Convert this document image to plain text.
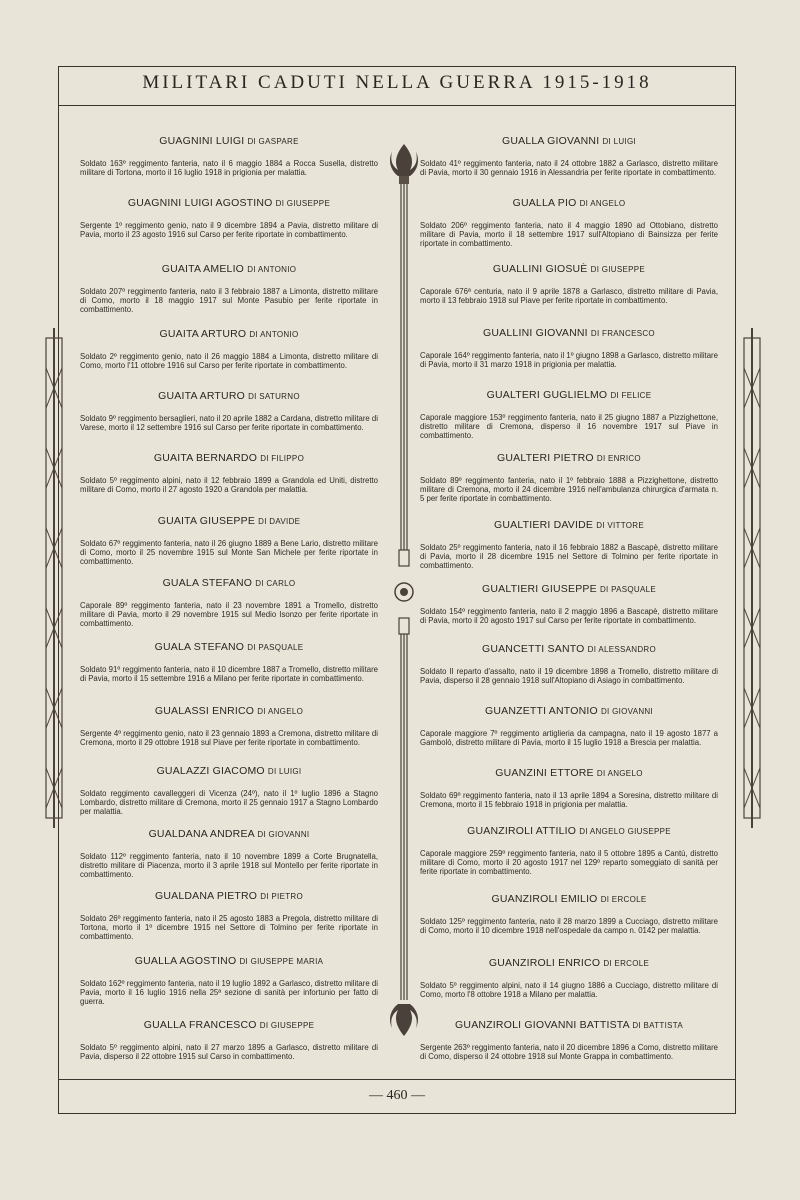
MILITARI CADUTI NELLA GUERRA 1915-1918
GUAGNINI LUIGI DI GASPARE
Soldato 163º reggimento fanteria, nato il 6 maggio 1884 a Rocca Susella, distretto militare di Tortona, morto il 16 luglio 1918 in prigionia per malattia.
GUAGNINI LUIGI AGOSTINO DI GIUSEPPE
Sergente 1º reggimento genio, nato il 9 dicembre 1894 a Pavia, distretto militare di Pavia, morto il 23 agosto 1916 sul Carso per ferite riportate in combattimento.
GUAITA AMELIO DI ANTONIO
Soldato 207º reggimento fanteria, nato il 3 febbraio 1887 a Limonta, distretto militare di Como, morto il 18 maggio 1917 sul Monte Pasubio per ferite riportate in combattimento.
GUAITA ARTURO DI ANTONIO
Soldato 2º reggimento genio, nato il 26 maggio 1884 a Limonta, distretto militare di Como, morto l'11 ottobre 1916 sul Carso per ferite riportate in combattimento.
GUAITA ARTURO DI SATURNO
Soldato 9º reggimento bersaglieri, nato il 20 aprile 1882 a Cardana, distretto militare di Varese, morto il 12 settembre 1916 sul Carso per ferite riportate in combattimento.
GUAITA BERNARDO DI FILIPPO
Soldato 5º reggimento alpini, nato il 12 febbraio 1899 a Grandola ed Uniti, distretto militare di Como, morto il 27 agosto 1920 a Grandola per malattia.
GUAITA GIUSEPPE DI DAVIDE
Soldato 67º reggimento fanteria, nato il 26 giugno 1889 a Bene Lario, distretto militare di Como, morto il 25 novembre 1915 sul Monte San Michele per ferite riportate in combattimento.
GUALA STEFANO DI CARLO
Caporale 89º reggimento fanteria, nato il 23 novembre 1891 a Tromello, distretto militare di Pavia, morto il 29 novembre 1915 sul Medio Isonzo per ferite riportate in combattimento.
GUALA STEFANO DI PASQUALE
Soldato 91º reggimento fanteria, nato il 10 dicembre 1887 a Tromello, distretto militare di Pavia, morto il 15 settembre 1916 a Milano per ferite riportate in combattimento.
GUALASSI ENRICO DI ANGELO
Sergente 4º reggimento genio, nato il 23 gennaio 1893 a Cremona, distretto militare di Cremona, morto il 29 ottobre 1918 sul Piave per ferite riportate in combattimento.
GUALAZZI GIACOMO DI LUIGI
Soldato reggimento cavalleggeri di Vicenza (24º), nato il 1º luglio 1896 a Stagno Lombardo, distretto militare di Cremona, morto il 25 gennaio 1917 a Stagno Lombardo per malattia.
GUALDANA ANDREA DI GIOVANNI
Soldato 112º reggimento fanteria, nato il 10 novembre 1899 a Corte Brugnatella, distretto militare di Piacenza, morto il 3 aprile 1918 sul Montello per ferite riportate in combattimento.
GUALDANA PIETRO DI PIETRO
Soldato 26º reggimento fanteria, nato il 25 agosto 1883 a Pregola, distretto militare di Tortona, morto il 1º dicembre 1915 nel Settore di Tolmino per ferite riportate in combattimento.
GUALLA AGOSTINO DI GIUSEPPE MARIA
Soldato 162º reggimento fanteria, nato il 19 luglio 1892 a Garlasco, distretto militare di Pavia, morto il 16 luglio 1916 nella 25ª sezione di sanità per infortunio per fatto di guerra.
GUALLA FRANCESCO DI GIUSEPPE
Soldato 5º reggimento alpini, nato il 27 marzo 1895 a Garlasco, distretto militare di Pavia, disperso il 22 ottobre 1915 sul Carso in combattimento.
GUALLA GIOVANNI DI LUIGI
Soldato 41º reggimento fanteria, nato il 24 ottobre 1882 a Garlasco, distretto militare di Pavia, morto il 30 gennaio 1916 in Alessandria per ferite riportate in combattimento.
GUALLA PIO DI ANGELO
Soldato 206º reggimento fanteria, nato il 4 maggio 1890 ad Ottobiano, distretto militare di Pavia, morto il 18 settembre 1917 sull'Altopiano di Bainsizza per ferite riportate in combattimento.
GUALLINI GIOSUÈ DI GIUSEPPE
Caporale 676ª centuria, nato il 9 aprile 1878 a Garlasco, distretto militare di Pavia, morto il 13 febbraio 1918 sul Piave per ferite riportate in combattimento.
GUALLINI GIOVANNI DI FRANCESCO
Caporale 164º reggimento fanteria, nato il 1º giugno 1898 a Garlasco, distretto militare di Pavia, morto il 31 marzo 1918 in prigionia per malattia.
GUALTERI GUGLIELMO DI FELICE
Caporale maggiore 153º reggimento fanteria, nato il 25 giugno 1887 a Pizzighettone, distretto militare di Cremona, disperso il 16 novembre 1917 sul Piave in combattimento.
GUALTERI PIETRO DI ENRICO
Soldato 89º reggimento fanteria, nato il 1º febbraio 1888 a Pizzighettone, distretto militare di Cremona, morto il 24 dicembre 1916 nell'ambulanza chirurgica d'armata n. 5 per ferite riportate in combattimento.
GUALTIERI DAVIDE DI VITTORE
Soldato 25º reggimento fanteria, nato il 16 febbraio 1882 a Bascapè, distretto militare di Pavia, morto il 28 dicembre 1915 nel Settore di Tolmino per ferite riportate in combattimento.
GUALTIERI GIUSEPPE DI PASQUALE
Soldato 154º reggimento fanteria, nato il 2 maggio 1896 a Bascapè, distretto militare di Pavia, morto il 20 agosto 1917 sul Carso per ferite riportate in combattimento.
GUANCETTI SANTO DI ALESSANDRO
Soldato II reparto d'assalto, nato il 19 dicembre 1898 a Tromello, distretto militare di Pavia, disperso il 28 gennaio 1918 sull'Altopiano di Asiago in combattimento.
GUANZETTI ANTONIO DI GIOVANNI
Caporale maggiore 7º reggimento artiglieria da campagna, nato il 19 agosto 1877 a Gambolò, distretto militare di Pavia, morto il 15 luglio 1918 a Brescia per malattia.
GUANZINI ETTORE DI ANGELO
Soldato 69º reggimento fanteria, nato il 13 aprile 1894 a Soresina, distretto militare di Cremona, morto il 15 febbraio 1918 in prigionia per malattia.
GUANZIROLI ATTILIO DI ANGELO GIUSEPPE
Caporale maggiore 259º reggimento fanteria, nato il 5 ottobre 1895 a Cantù, distretto militare di Como, morto il 20 agosto 1917 nel 129º reparto someggiato di sanità per ferite riportate in combattimento.
GUANZIROLI EMILIO DI ERCOLE
Soldato 125º reggimento fanteria, nato il 28 marzo 1899 a Cucciago, distretto militare di Como, morto il 10 dicembre 1918 nell'ospedale da campo n. 0142 per malattia.
GUANZIROLI ENRICO DI ERCOLE
Soldato 5º reggimento alpini, nato il 14 giugno 1886 a Cucciago, distretto militare di Como, morto l'8 ottobre 1918 a Milano per malattia.
GUANZIROLI GIOVANNI BATTISTA DI BATTISTA
Sergente 263º reggimento fanteria, nato il 20 dicembre 1896 a Como, distretto militare di Como, disperso il 24 ottobre 1918 sul Monte Grappa in combattimento.
— 460 —
